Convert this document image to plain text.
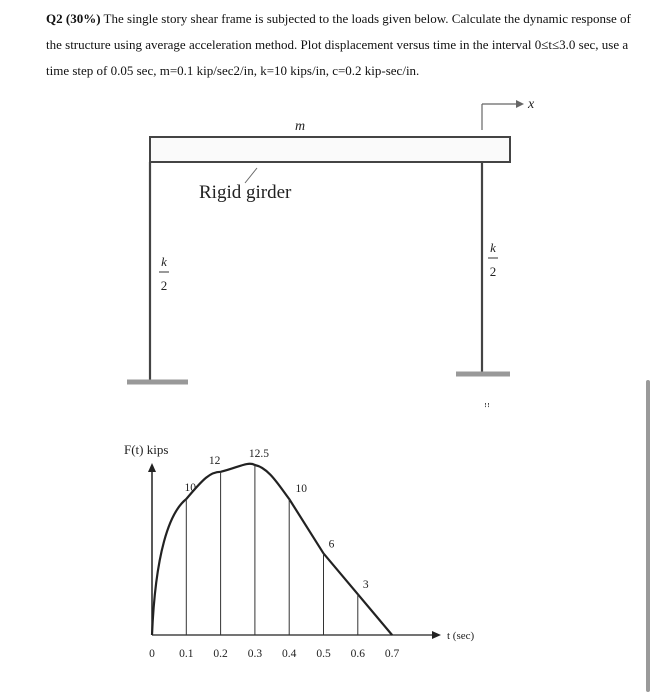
Q2 (30%) The single story shear frame is subjected to the loads given below. Calculate the dynamic response of the structure using average acceleration method. Plot displacement versus time in the interval 0≤t≤3.0 sec, use a time step of 0.05 sec, m=0.1 kip/sec2/in, k=10 kips/in, c=0.2 kip-sec/in.
m
Rigid girder
k
2
k
2
x
ꜝꜝ
F(t) kips
t (sec)
0 0.1 0.2 0.3 0.4 0.5 0.6 0.7
10
12
12.5
10
6
3
